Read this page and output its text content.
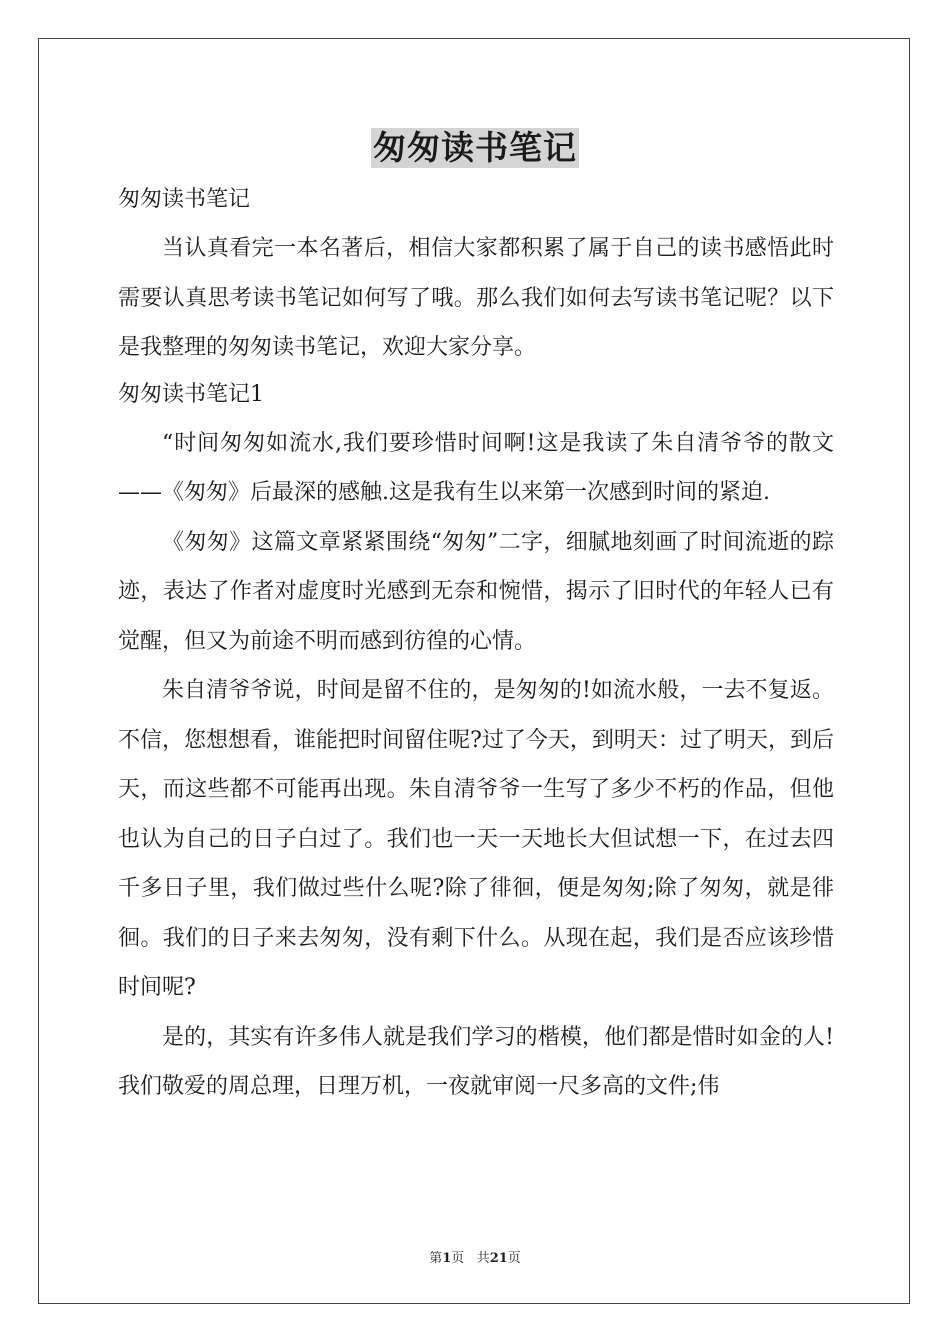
匆匆读书笔记

匆匆读书笔记

当认真看完一本名著后，相信大家都积累了属于自己的读书感悟此时需要认真思考读书笔记如何写了哦。那么我们如何去写读书笔记呢？以下是我整理的匆匆读书笔记，欢迎大家分享。

匆匆读书笔记1

“时间匆匆如流水,我们要珍惜时间啊!这是我读了朱自清爷爷的散文——《匆匆》后最深的感触.这是我有生以来第一次感到时间的紧迫.

《匆匆》这篇文章紧紧围绕“匆匆”二字，细腻地刻画了时间流逝的踪迹，表达了作者对虚度时光感到无奈和惋惜，揭示了旧时代的年轻人已有觉醒，但又为前途不明而感到彷徨的心情。

朱自清爷爷说，时间是留不住的，是匆匆的!如流水般，一去不复返。不信，您想想看，谁能把时间留住呢?过了今天，到明天：过了明天，到后天，而这些都不可能再出现。朱自清爷爷一生写了多少不朽的作品，但他也认为自己的日子白过了。我们也一天一天地长大但试想一下，在过去四千多日子里，我们做过些什么呢?除了徘徊，便是匆匆;除了匆匆，就是徘徊。我们的日子来去匆匆，没有剩下什么。从现在起，我们是否应该珍惜时间呢?

是的，其实有许多伟人就是我们学习的楷模，他们都是惜时如金的人!我们敬爱的周总理，日理万机，一夜就审阅一尺多高的文件;伟

第1页 共21页
